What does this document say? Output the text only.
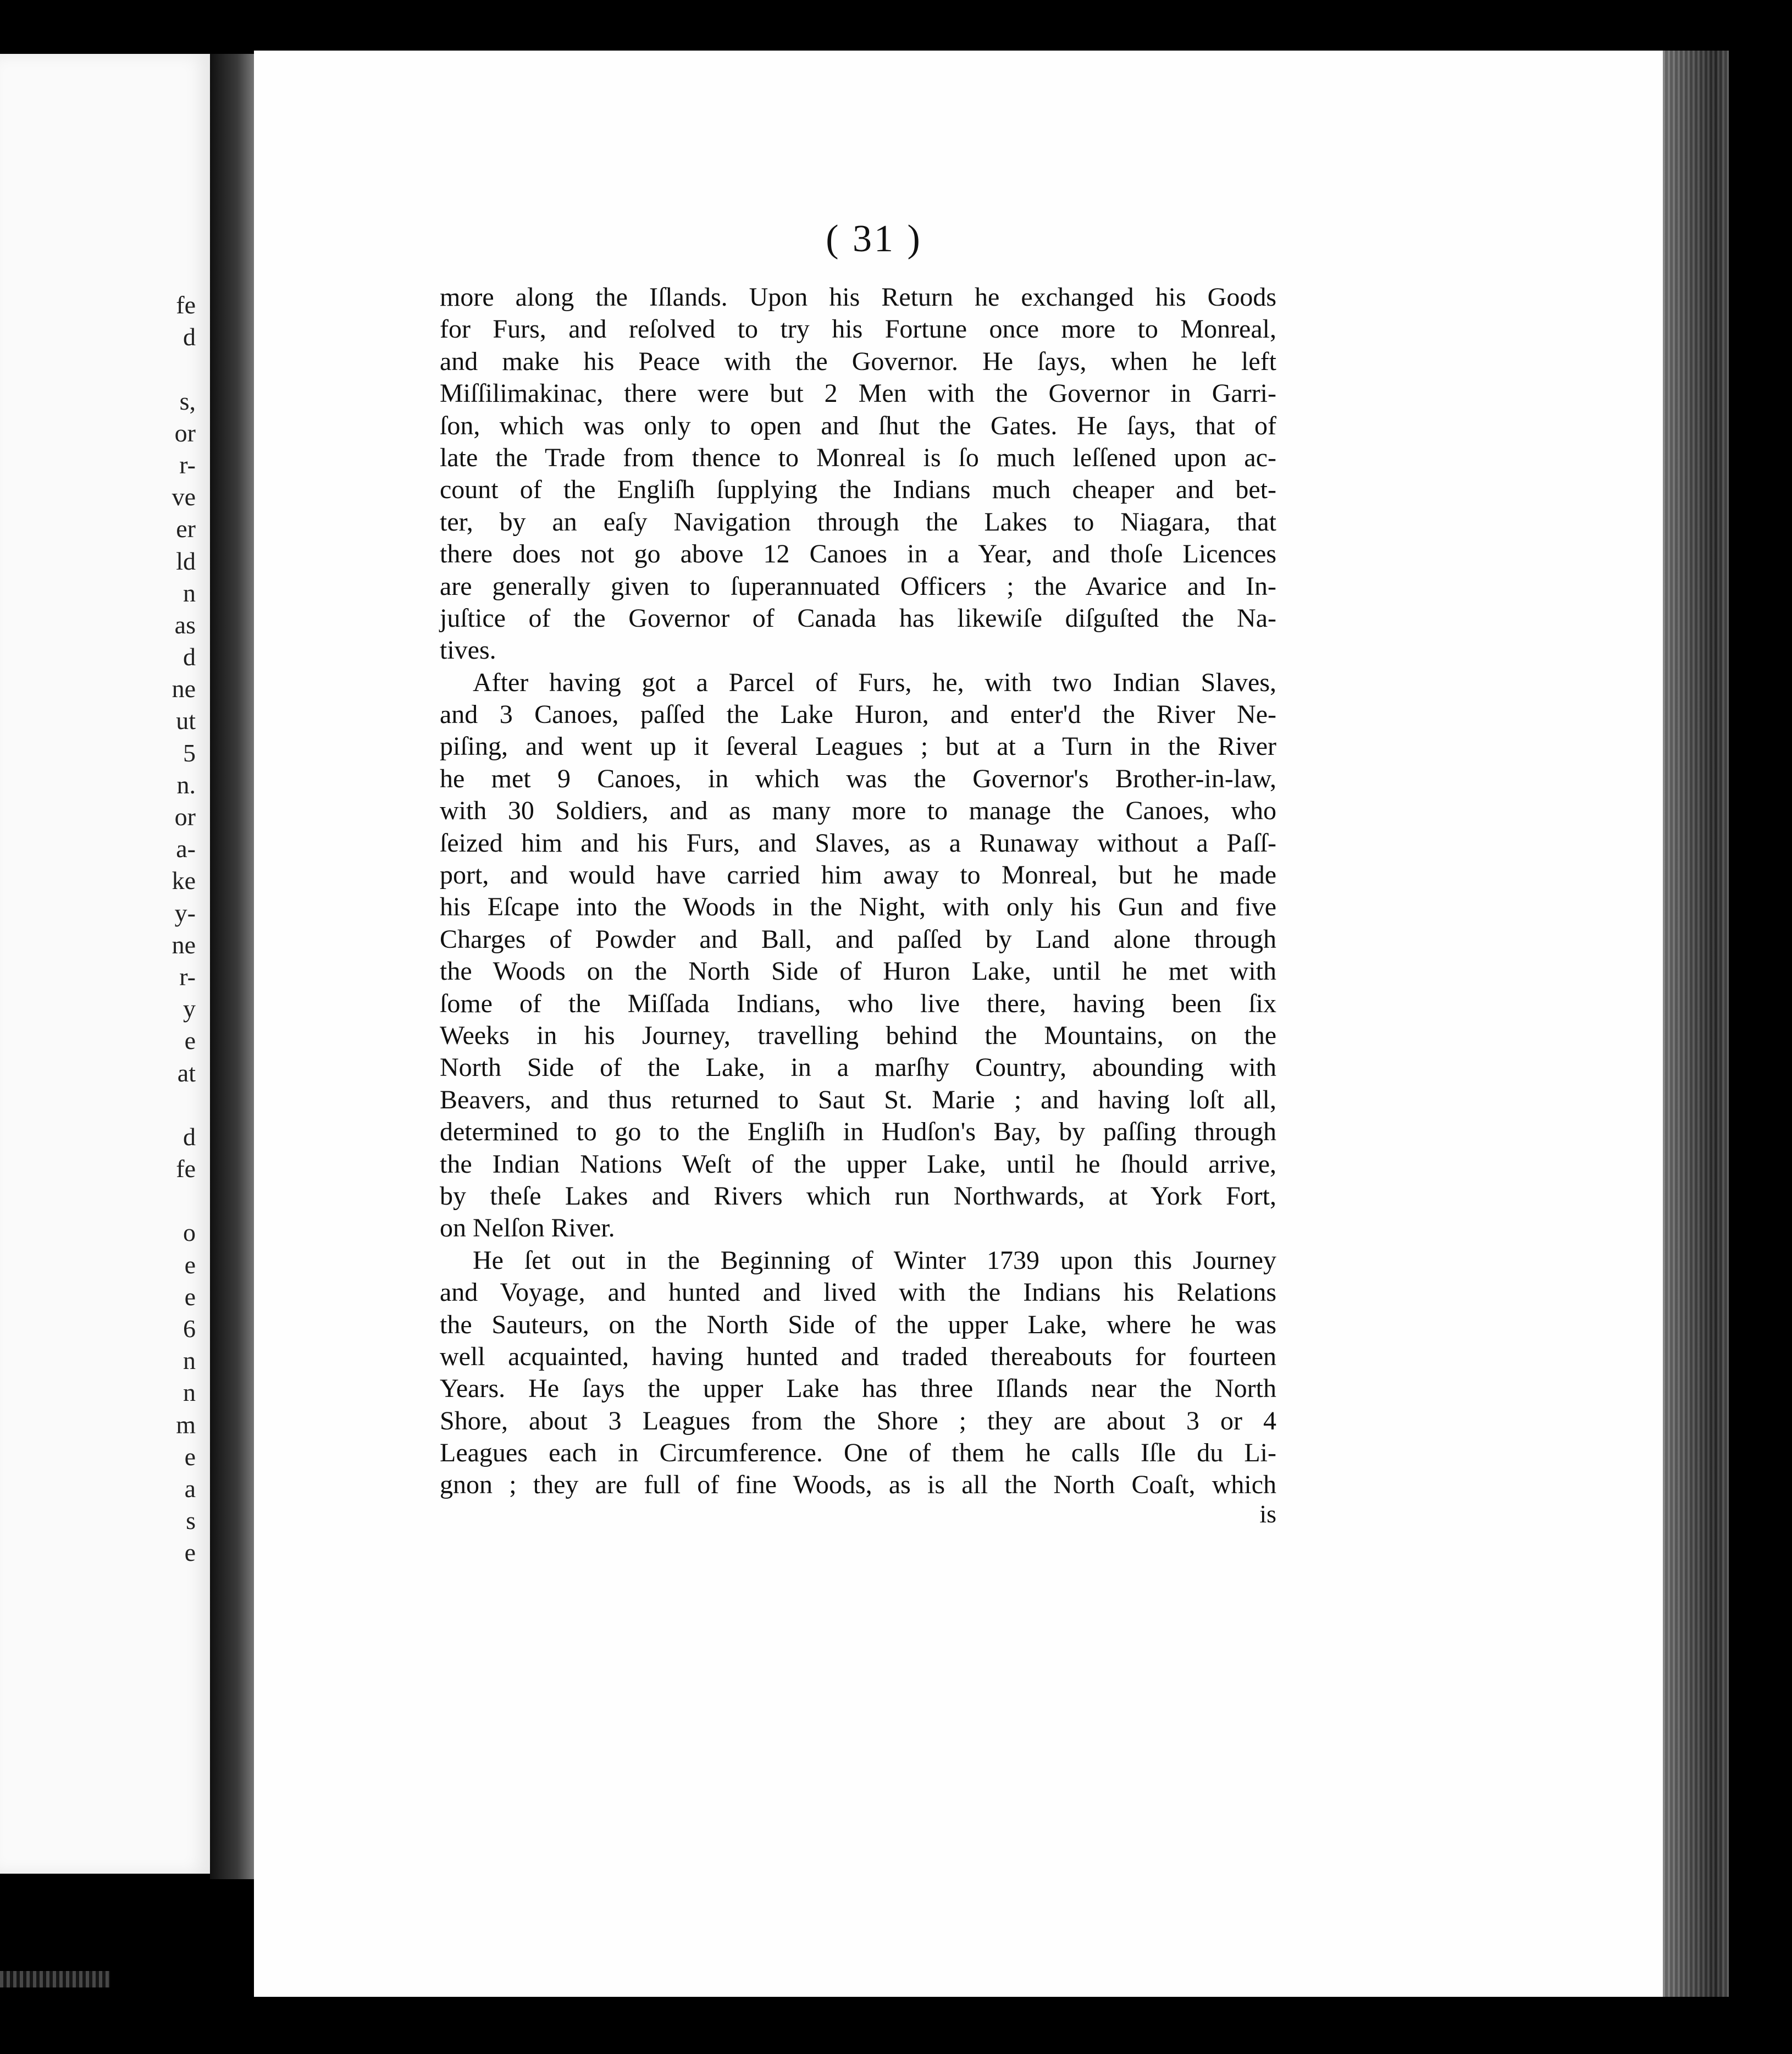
fe
d
s,
or
r-
ve
er
ld
n
as
d
ne
ut
5
n.
or
a-
ke
y-
ne
r-
y
e
at
d
fe
o
e
e
6
n
n
m
e
a
s
e
( 31 )
more along the Iſlands. Upon his Return he exchanged his Goods
for Furs, and reſolved to try his Fortune once more to Monreal,
and make his Peace with the Governor. He ſays, when he left
Miſſilimakinac, there were but 2 Men with the Governor in Garri-
ſon, which was only to open and ſhut the Gates. He ſays, that of
late the Trade from thence to Monreal is ſo much leſſened upon ac-
count of the Engliſh ſupplying the Indians much cheaper and bet-
ter, by an eaſy Navigation through the Lakes to Niagara, that
there does not go above 12 Canoes in a Year, and thoſe Licences
are generally given to ſuperannuated Officers ; the Avarice and In-
juſtice of the Governor of Canada has likewiſe diſguſted the Na-
tives.
After having got a Parcel of Furs, he, with two Indian Slaves,
and 3 Canoes, paſſed the Lake Huron, and enter'd the River Ne-
piſing, and went up it ſeveral Leagues ; but at a Turn in the River
he met 9 Canoes, in which was the Governor's Brother-in-law,
with 30 Soldiers, and as many more to manage the Canoes, who
ſeized him and his Furs, and Slaves, as a Runaway without a Paſſ-
port, and would have carried him away to Monreal, but he made
his Eſcape into the Woods in the Night, with only his Gun and five
Charges of Powder and Ball, and paſſed by Land alone through
the Woods on the North Side of Huron Lake, until he met with
ſome of the Miſſada Indians, who live there, having been ſix
Weeks in his Journey, travelling behind the Mountains, on the
North Side of the Lake, in a marſhy Country, abounding with
Beavers, and thus returned to Saut St. Marie ; and having loſt all,
determined to go to the Engliſh in Hudſon's Bay, by paſſing through
the Indian Nations Weſt of the upper Lake, until he ſhould arrive,
by theſe Lakes and Rivers which run Northwards, at York Fort,
on Nelſon River.
He ſet out in the Beginning of Winter 1739 upon this Journey
and Voyage, and hunted and lived with the Indians his Relations
the Sauteurs, on the North Side of the upper Lake, where he was
well acquainted, having hunted and traded thereabouts for fourteen
Years. He ſays the upper Lake has three Iſlands near the North
Shore, about 3 Leagues from the Shore ; they are about 3 or 4
Leagues each in Circumference. One of them he calls Iſle du Li-
gnon ; they are full of fine Woods, as is all the North Coaſt, which
is
